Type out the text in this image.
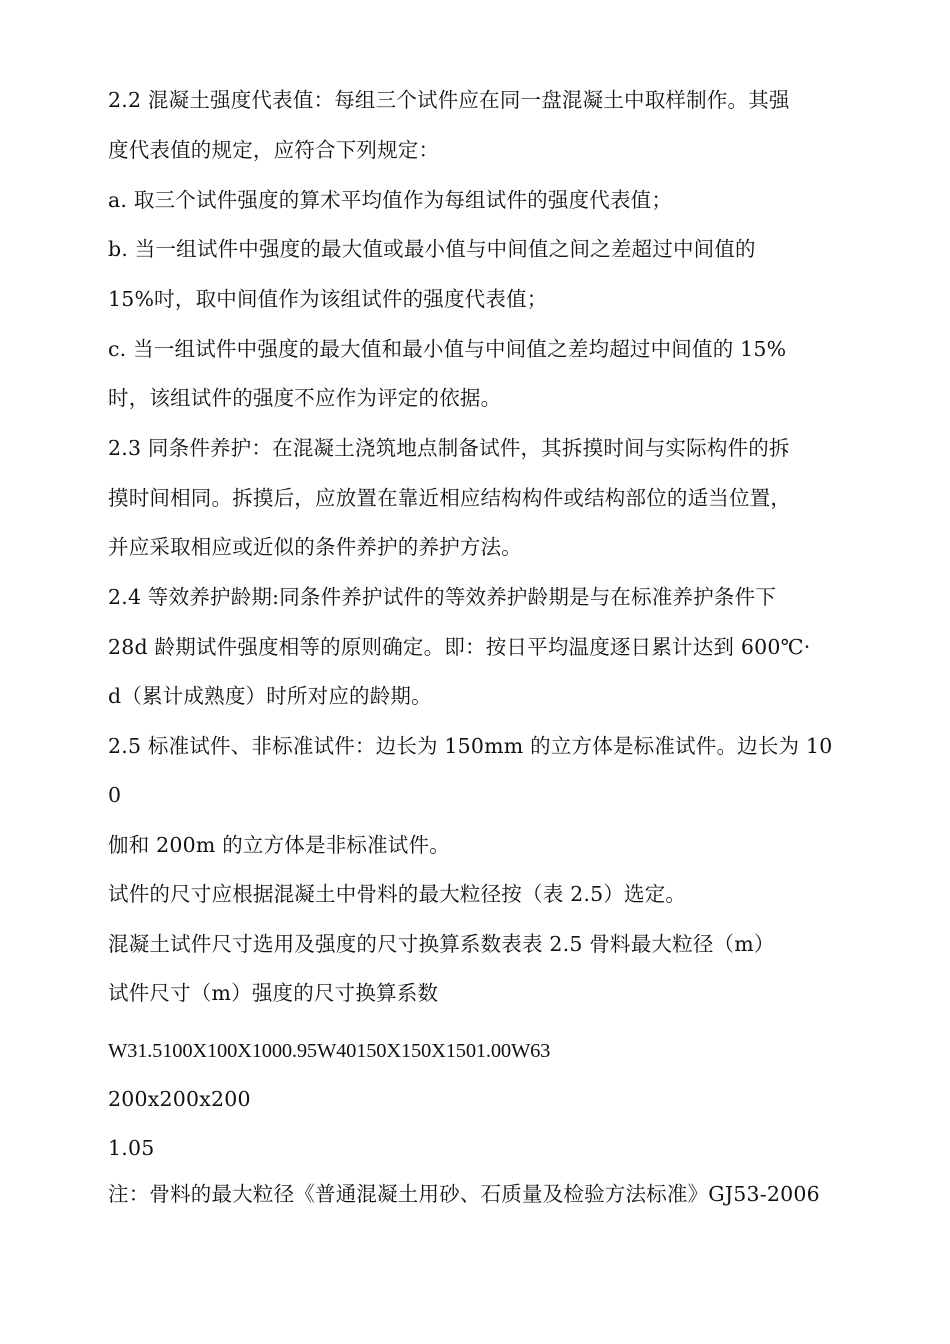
2.2 混凝土强度代表值：每组三个试件应在同一盘混凝土中取样制作。其强
度代表值的规定，应符合下列规定：
a. 取三个试件强度的算术平均值作为每组试件的强度代表值；
b. 当一组试件中强度的最大值或最小值与中间值之间之差超过中间值的
15%吋，取中间值作为该组试件的强度代表值；
c. 当一组试件中强度的最大值和最小值与中间值之差均超过中间值的 15%
时，该组试件的强度不应作为评定的依据。
2.3 同条件养护：在混凝土浇筑地点制备试件，其拆摸时间与实际构件的拆
摸时间相同。拆摸后，应放置在靠近相应结构构件或结构部位的适当位置，
并应采取相应或近似的条件养护的养护方法。
2.4 等效养护龄期:同条件养护试件的等效养护龄期是与在标准养护条件下
28d 龄期试件强度相等的原则确定。即：按日平均温度逐日累计达到 600℃·
d（累计成熟度）时所对应的龄期。
2.5 标准试件、非标准试件：边长为 150mm 的立方体是标准试件。边长为 10
0
伽和 200m 的立方体是非标准试件。
试件的尺寸应根据混凝土中骨料的最大粒径按（表 2.5）选定。
混凝土试件尺寸选用及强度的尺寸换算系数表表 2.5 骨料最大粒径（m）
试件尺寸（m）强度的尺寸换算系数
W31.5100X100X1000.95W40150X150X1501.00W63
200x200x200
1.05
注：骨料的最大粒径《普通混凝土用砂、石质量及检验方法标准》GJ53-2006
